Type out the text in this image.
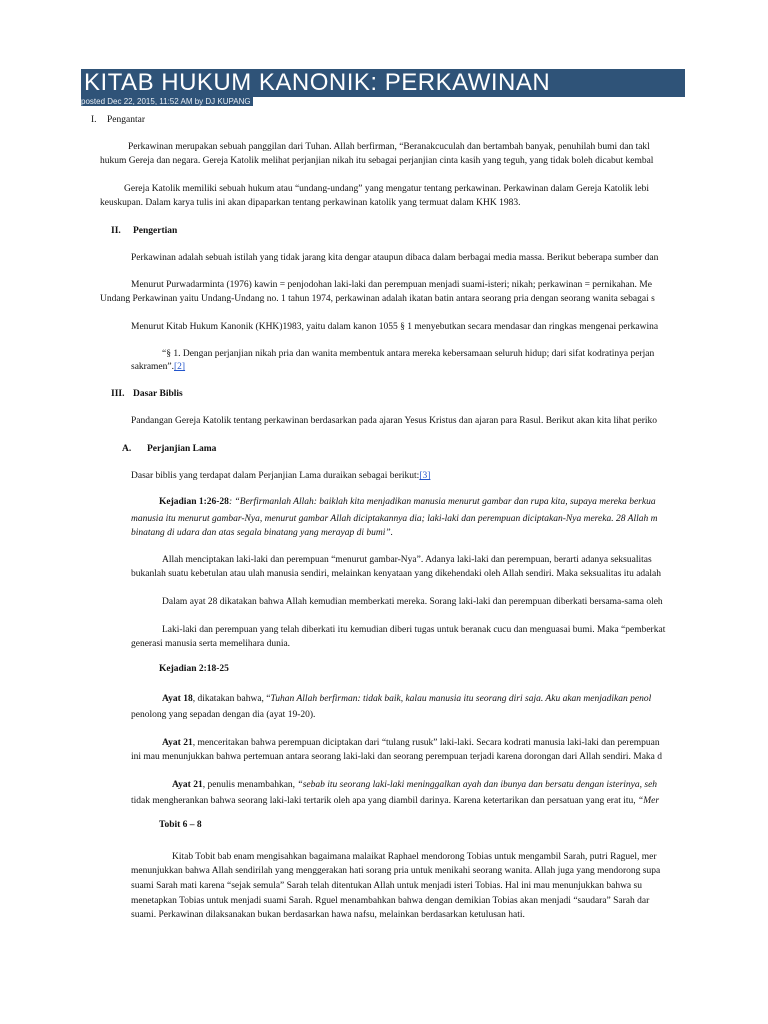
KITAB HUKUM KANONIK: PERKAWINAN
posted Dec 22, 2015, 11:52 AM by DJ KUPANG
I. Pengantar
Perkawinan merupakan sebuah panggilan dari Tuhan. Allah berfirman, “Beranakcuculah dan bertambah banyak, penuhilah bumi dan takl
hukum Gereja dan negara. Gereja Katolik melihat perjanjian nikah itu sebagai perjanjian cinta kasih yang teguh, yang tidak boleh dicabut kembal
Gereja Katolik memiliki sebuah hukum atau “undang-undang” yang mengatur tentang perkawinan. Perkawinan dalam Gereja Katolik lebi
keuskupan. Dalam karya tulis ini akan dipaparkan tentang perkawinan katolik yang termuat dalam KHK 1983.
II. Pengertian
Perkawinan adalah sebuah istilah yang tidak jarang kita dengar ataupun dibaca dalam berbagai media massa. Berikut beberapa sumber dan
Menurut Purwadarminta (1976) kawin = penjodohan laki-laki dan perempuan menjadi suami-isteri; nikah; perkawinan = pernikahan. Me
Undang Perkawinan yaitu Undang-Undang no. 1 tahun 1974, perkawinan adalah ikatan batin antara seorang pria dengan seorang wanita sebagai s
Menurut Kitab Hukum Kanonik (KHK)1983, yaitu dalam kanon 1055 § 1 menyebutkan secara mendasar dan ringkas mengenai perkawina
“§ 1. Dengan perjanjian nikah pria dan wanita membentuk antara mereka kebersamaan seluruh hidup; dari sifat kodratinya perjan
sakramen”.[2]
III. Dasar Biblis
Pandangan Gereja Katolik tentang perkawinan berdasarkan pada ajaran Yesus Kristus dan ajaran para Rasul. Berikut akan kita lihat periko
A. Perjanjian Lama
Dasar biblis yang terdapat dalam Perjanjian Lama duraikan sebagai berikut:[3]
Kejadian 1:26-28: “Berfirmanlah Allah: baiklah kita menjadikan manusia menurut gambar dan rupa kita, supaya mereka berkua
manusia itu menurut gambar-Nya, menurut gambar Allah diciptakannya dia; laki-laki dan perempuan diciptakan-Nya mereka. 28 Allah m
binatang di udara dan atas segala binatang yang merayap di bumi”.
Allah menciptakan laki-laki dan perempuan “menurut gambar-Nya”. Adanya laki-laki dan perempuan, berarti adanya seksualitas
bukanlah suatu kebetulan atau ulah manusia sendiri, melainkan kenyataan yang dikehendaki oleh Allah sendiri. Maka seksualitas itu adalah
Dalam ayat 28 dikatakan bahwa Allah kemudian memberkati mereka. Sorang laki-laki dan perempuan diberkati bersama-sama oleh
Laki-laki dan perempuan yang telah diberkati itu kemudian diberi tugas untuk beranak cucu dan menguasai bumi. Maka “pemberkat
generasi manusia serta memelihara dunia.
Kejadian 2:18-25
Ayat 18, dikatakan bahwa, “Tuhan Allah berfirman: tidak baik, kalau manusia itu seorang diri saja. Aku akan menjadikan penol
penolong yang sepadan dengan dia (ayat 19-20).
Ayat 21, menceritakan bahwa perempuan diciptakan dari “tulang rusuk” laki-laki. Secara kodrati manusia laki-laki dan perempuan
ini mau menunjukkan bahwa pertemuan antara seorang laki-laki dan seorang perempuan terjadi karena dorongan dari Allah sendiri. Maka d
Ayat 21, penulis menambahkan, “sebab itu seorang laki-laki meninggalkan ayah dan ibunya dan bersatu dengan isterinya, seh
tidak mengherankan bahwa seorang laki-laki tertarik oleh apa yang diambil darinya. Karena ketertarikan dan persatuan yang erat itu, “Mer
Tobit 6 – 8
Kitab Tobit bab enam mengisahkan bagaimana malaikat Raphael mendorong Tobias untuk mengambil Sarah, putri Raguel, mer
menunjukkan bahwa Allah sendirilah yang menggerakan hati sorang pria untuk menikahi seorang wanita. Allah juga yang mendorong supa
suami Sarah mati karena “sejak semula” Sarah telah ditentukan Allah untuk menjadi isteri Tobias. Hal ini mau menunjukkan bahwa su
menetapkan Tobias untuk menjadi suami Sarah. Rguel menambahkan bahwa dengan demikian Tobias akan menjadi “saudara” Sarah dar
suami. Perkawinan dilaksanakan bukan berdasarkan hawa nafsu, melainkan berdasarkan ketulusan hati.
